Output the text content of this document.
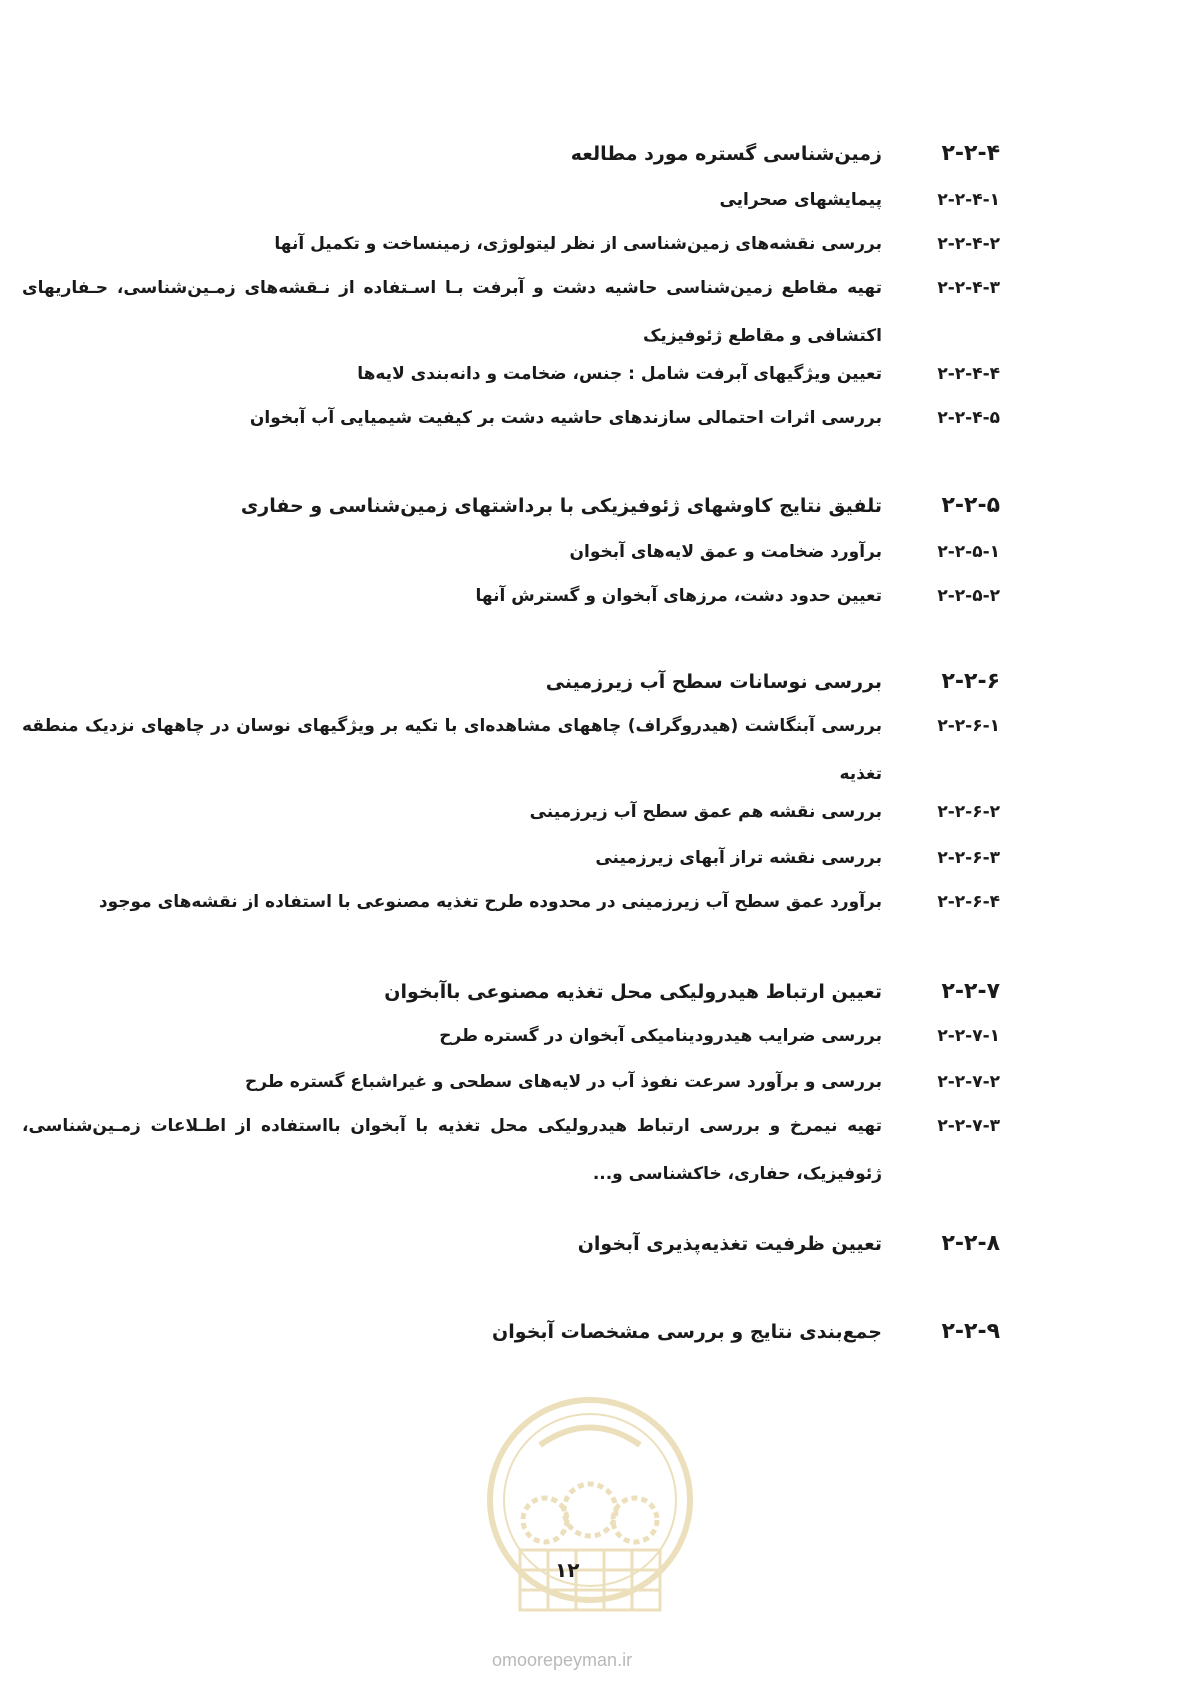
۲-۲-۴
زمین‌شناسی گستره مورد مطالعه
۲-۲-۴-۱
پیمایشهای صحرایی
۲-۲-۴-۲
بررسی نقشه‌های زمین‌شناسی از نظر لیتولوژی، زمینساخت و تکمیل آنها
۲-۲-۴-۳
تهیه مقاطع زمین‌شناسی حاشیه دشت و آبرفت بـا اسـتفاده از نـقشه‌های زمـین‌شناسی، حـفاریهای اکتشافی و مقاطع ژئوفیزیک
۲-۲-۴-۴
تعیین ویژگیهای آبرفت شامل : جنس، ضخامت و دانه‌بندی لایه‌ها
۲-۲-۴-۵
بررسی اثرات احتمالی سازندهای حاشیه دشت بر کیفیت شیمیایی آب آبخوان
۲-۲-۵
تلفیق نتایج کاوشهای ژئوفیزیکی با برداشتهای زمین‌شناسی و حفاری
۲-۲-۵-۱
برآورد ضخامت و عمق لایه‌های آبخوان
۲-۲-۵-۲
تعیین حدود دشت، مرزهای آبخوان و گسترش آنها
۲-۲-۶
بررسی نوسانات سطح آب زیرزمینی
۲-۲-۶-۱
بررسی آبنگاشت (هیدروگراف) چاههای مشاهده‌ای با تکیه بر ویژگیهای نوسان در چاههای نزدیک منطقه تغذیه
۲-۲-۶-۲
بررسی نقشه هم عمق سطح آب زیرزمینی
۲-۲-۶-۳
بررسی نقشه تراز آبهای زیرزمینی
۲-۲-۶-۴
برآورد عمق سطح آب زیرزمینی در محدوده طرح تغذیه مصنوعی با استفاده از نقشه‌های موجود
۲-۲-۷
تعیین ارتباط هیدرولیکی محل تغذیه مصنوعی باآبخوان
۲-۲-۷-۱
بررسی ضرایب هیدرودینامیکی آبخوان در گستره طرح
۲-۲-۷-۲
بررسی و برآورد سرعت نفوذ آب در لایه‌های سطحی و غیراشباع گستره طرح
۲-۲-۷-۳
تهیه نیمرخ و بررسی ارتباط هیدرولیکی محل تغذیه با آبخوان بااستفاده از اطـلاعات زمـین‌شناسی، ژئوفیزیک، حفاری، خاکشناسی و...
۲-۲-۸
تعیین ظرفیت تغذیه‌پذیری آبخوان
۲-۲-۹
جمع‌بندی نتایج و بررسی مشخصات آبخوان
۱۲
omoorepeyman.ir
